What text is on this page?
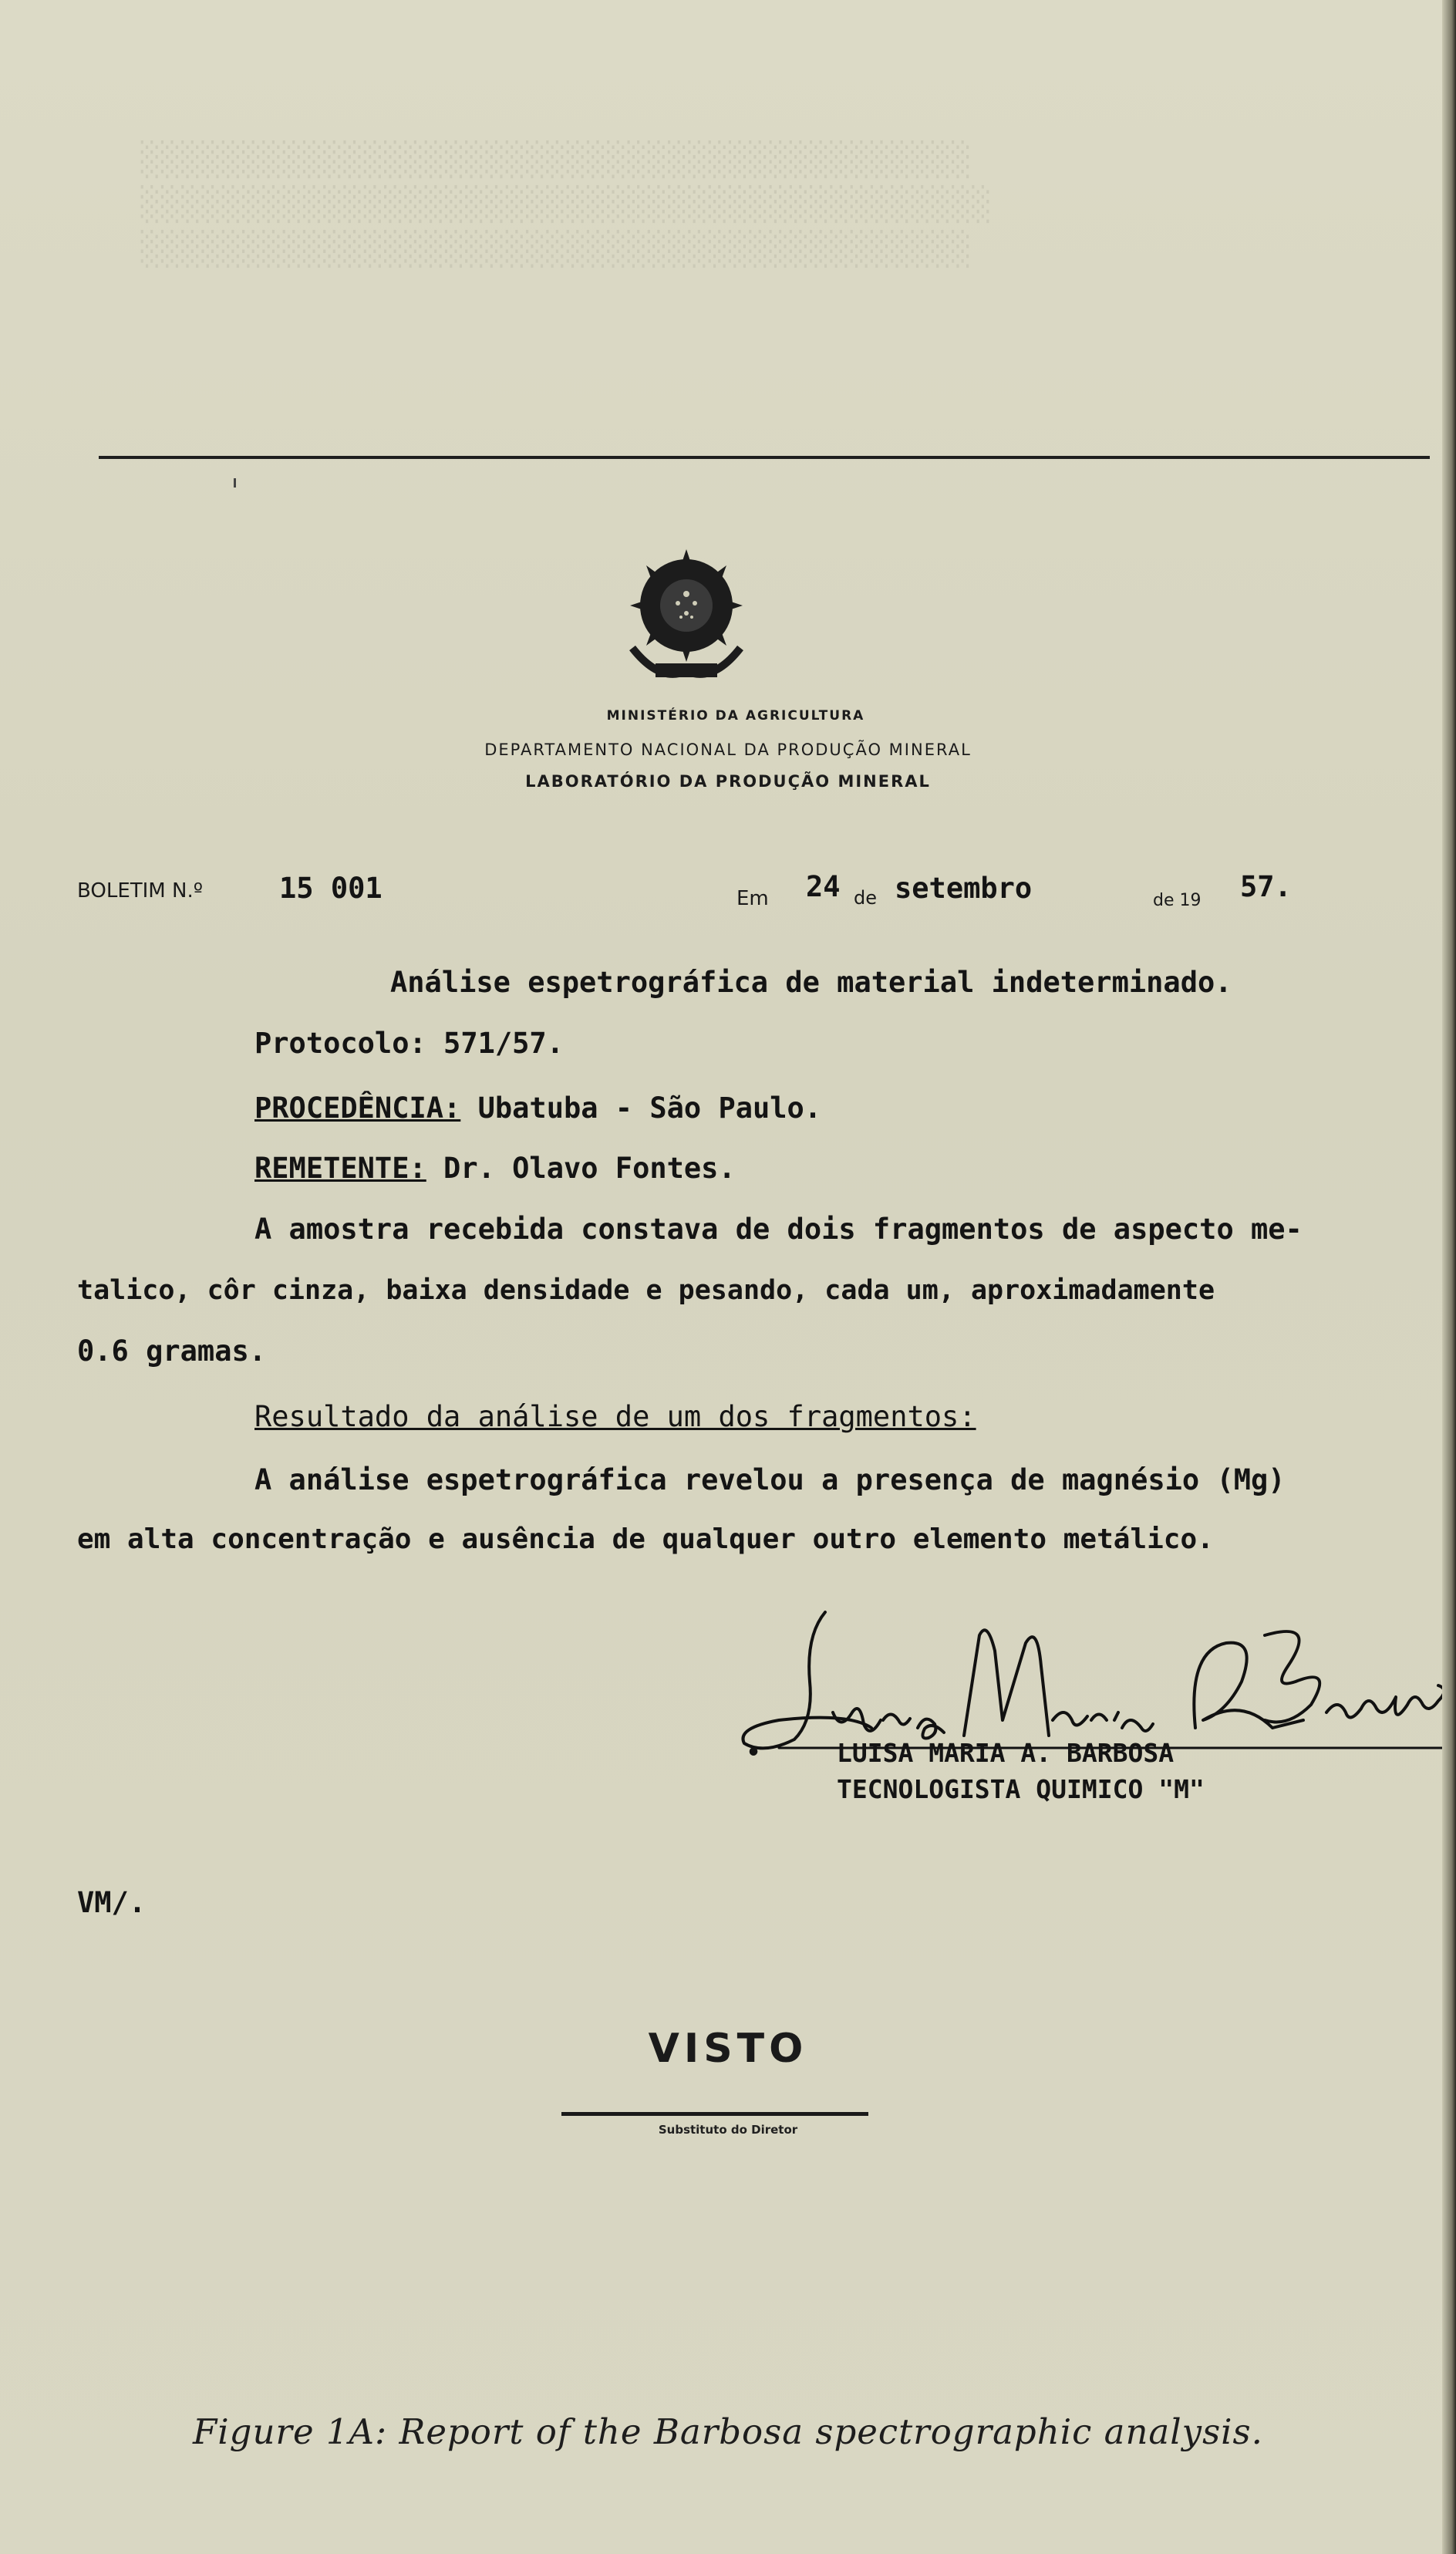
░░░░░░░░░░░░░░░░░░░░░░░░░░░░░░░░░░░░░░░░░
░░░░░░░░░░░░░░░░░░░░░░░░░░░░░░░░░░░░░░░░░░
░░░░░░░░░░░░░░░░░░░░░░░░░░░░░░░░░░░░░░░░░

MINISTÉRIO DA AGRICULTURA
DEPARTAMENTO NACIONAL DA PRODUÇÃO MINERAL
LABORATÓRIO DA PRODUÇÃO MINERAL
BOLETIM N.º	15 001	Em 24 de setembro	de 19 57.
Análise espetrográfica de material indeterminado.
Protocolo: 571/57.
PROCEDÊNCIA: Ubatuba - São Paulo.
REMETENTE: Dr. Olavo Fontes.
A amostra recebida constava de dois fragmentos de aspecto me-
talico, côr cinza, baixa densidade e pesando, cada um, aproximadamente
0.6 gramas.
Resultado da análise de um dos fragmentos:
A análise espetrográfica revelou a presença de magnésio (Mg)
em alta concentração e ausência de qualquer outro elemento metálico.
•	LUISA MARIA A. BARBOSA
TECNOLOGISTA QUIMICO "M"
VM/.
VISTO
Substituto do Diretor
Figure 1A: Report of the Barbosa spectrographic analysis.
